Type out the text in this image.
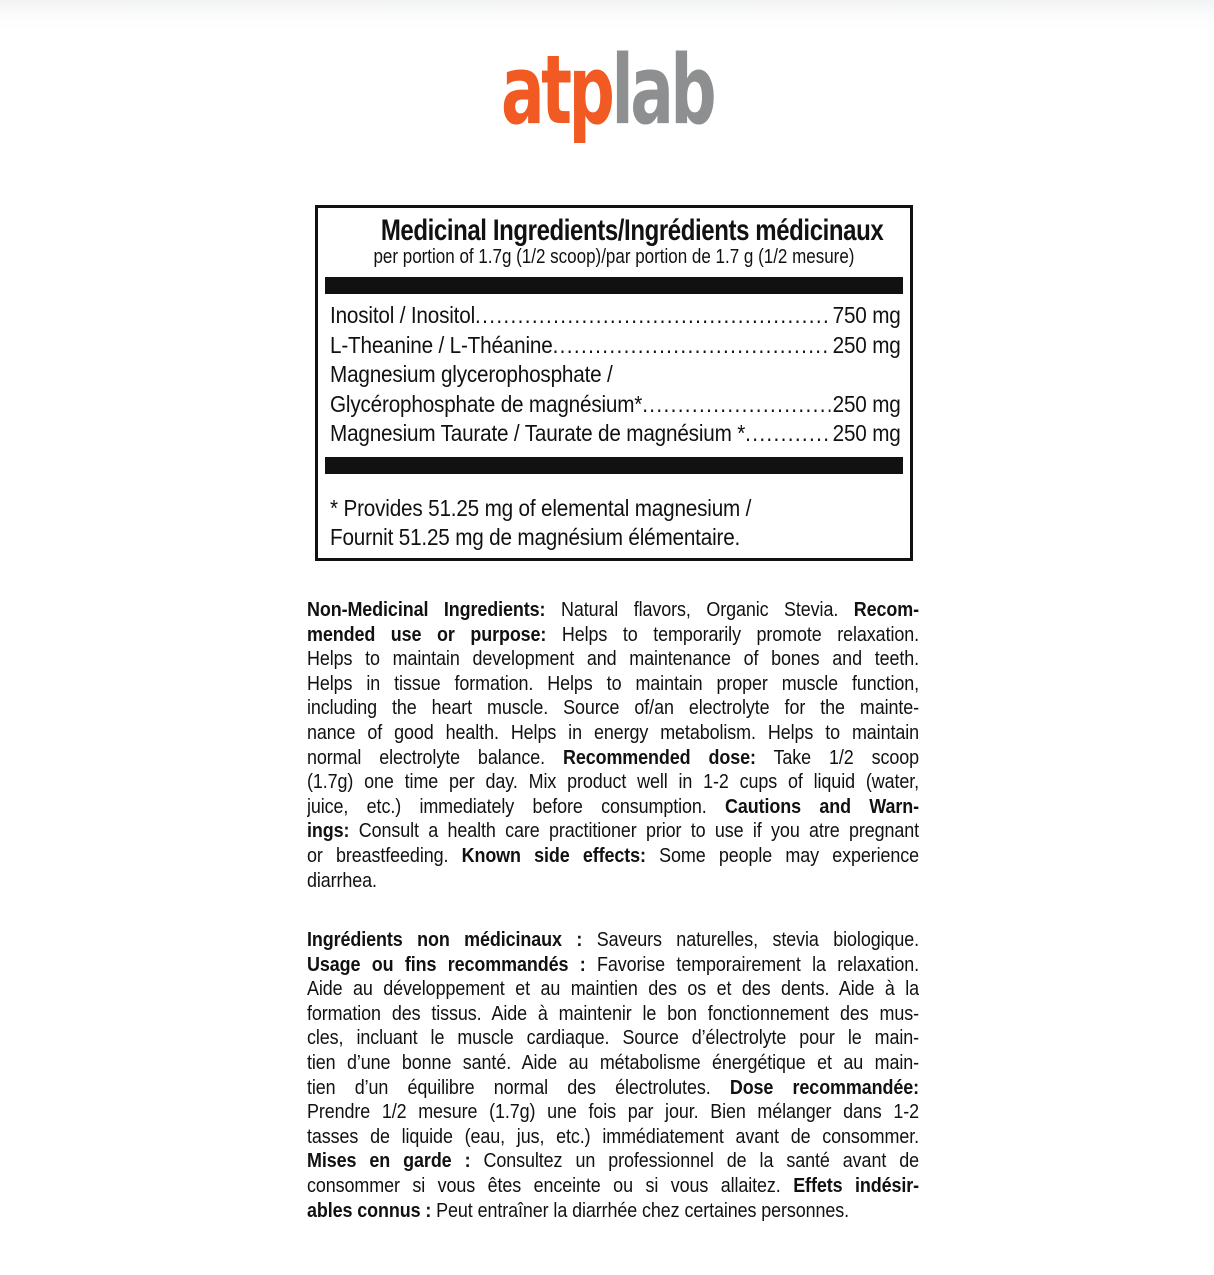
atplab
Medicinal Ingredients/Ingrédients médicinaux
per portion of 1.7g (1/2 scoop)/par portion de 1.7 g (1/2 mesure)
Inositol / Inositol .....	750 mg
L-Theanine / L-Théanine .....	250 mg
Magnesium glycerophosphate /
Glycérophosphate de magnésium* .....	250 mg
Magnesium Taurate / Taurate de magnésium * .....	250 mg
* Provides 51.25 mg of elemental magnesium /
Fournit 51.25 mg de magnésium élémentaire.
Non-Medicinal Ingredients: Natural flavors, Organic Stevia. Recom-
mended use or purpose: Helps to temporarily promote relaxation.
Helps to maintain development and maintenance of bones and teeth.
Helps in tissue formation. Helps to maintain proper muscle function,
including the heart muscle. Source of/an electrolyte for the mainte-
nance of good health. Helps in energy metabolism. Helps to maintain
normal electrolyte balance. Recommended dose: Take 1/2 scoop
(1.7g) one time per day. Mix product well in 1-2 cups of liquid (water,
juice, etc.) immediately before consumption. Cautions and Warn-
ings: Consult a health care practitioner prior to use if you atre pregnant
or breastfeeding. Known side effects: Some people may experience
diarrhea.
Ingrédients non médicinaux : Saveurs naturelles, stevia biologique.
Usage ou fins recommandés : Favorise temporairement la relaxation.
Aide au développement et au maintien des os et des dents. Aide à la
formation des tissus. Aide à maintenir le bon fonctionnement des mus-
cles, incluant le muscle cardiaque. Source d’électrolyte pour le main-
tien d’une bonne santé. Aide au métabolisme énergétique et au main-
tien d’un équilibre normal des électrolutes. Dose recommandée:
Prendre 1/2 mesure (1.7g) une fois par jour. Bien mélanger dans 1-2
tasses de liquide (eau, jus, etc.) immédiatement avant de consommer.
Mises en garde : Consultez un professionnel de la santé avant de
consommer si vous êtes enceinte ou si vous allaitez. Effets indésir-
ables connus : Peut entraîner la diarrhée chez certaines personnes.
